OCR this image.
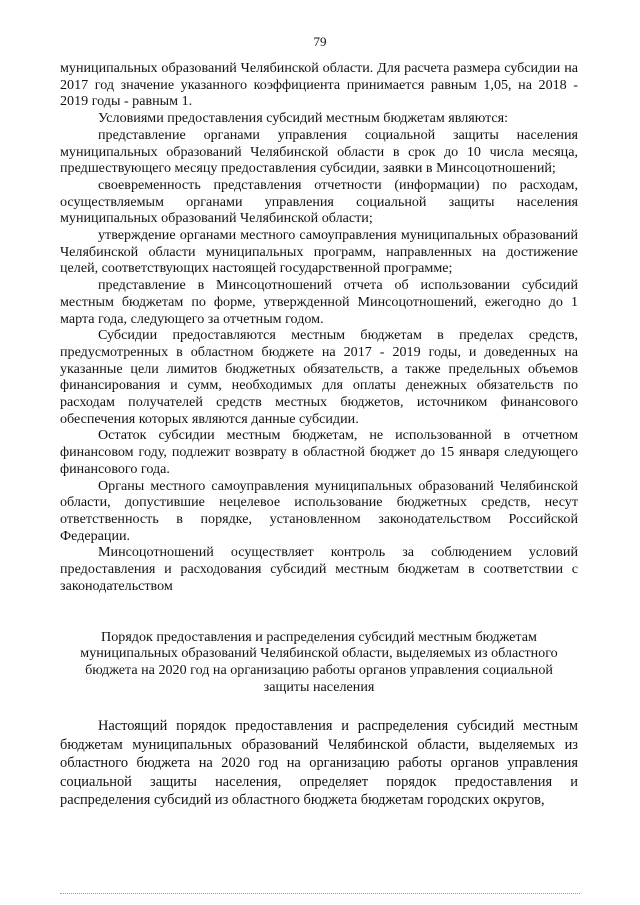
79

муниципальных образований Челябинской области. Для расчета размера субсидии на 2017 год значение указанного коэффициента принимается равным 1,05, на 2018 - 2019 годы - равным 1.

Условиями предоставления субсидий местным бюджетам являются:

представление органами управления социальной защиты населения муниципальных образований Челябинской области в срок до 10 числа месяца, предшествующего месяцу предоставления субсидии, заявки в Минсоцотношений;

своевременность представления отчетности (информации) по расходам, осуществляемым органами управления социальной защиты населения муниципальных образований Челябинской области;

утверждение органами местного самоуправления муниципальных образований Челябинской области муниципальных программ, направленных на достижение целей, соответствующих настоящей государственной программе;

представление в Минсоцотношений отчета об использовании субсидий местным бюджетам по форме, утвержденной Минсоцотношений, ежегодно до 1 марта года, следующего за отчетным годом.

Субсидии предоставляются местным бюджетам в пределах средств, предусмотренных в областном бюджете на 2017 - 2019 годы, и доведенных на указанные цели лимитов бюджетных обязательств, а также предельных объемов финансирования и сумм, необходимых для оплаты денежных обязательств по расходам получателей средств местных бюджетов, источником финансового обеспечения которых являются данные субсидии.

Остаток субсидии местным бюджетам, не использованной в отчетном финансовом году, подлежит возврату в областной бюджет до 15 января следующего финансового года.

Органы местного самоуправления муниципальных образований Челябинской области, допустившие нецелевое использование бюджетных средств, несут ответственность в порядке, установленном законодательством Российской Федерации.

Минсоцотношений осуществляет контроль за соблюдением условий предоставления и расходования субсидий местным бюджетам в соответствии с законодательством

Порядок предоставления и распределения субсидий местным бюджетам муниципальных образований Челябинской области, выделяемых из областного бюджета на 2020 год на организацию работы органов управления социальной защиты населения

Настоящий порядок предоставления и распределения субсидий местным бюджетам муниципальных образований Челябинской области, выделяемых из областного бюджета на 2020 год на организацию работы органов управления социальной защиты населения, определяет порядок предоставления и распределения субсидий из областного бюджета бюджетам городских округов,
